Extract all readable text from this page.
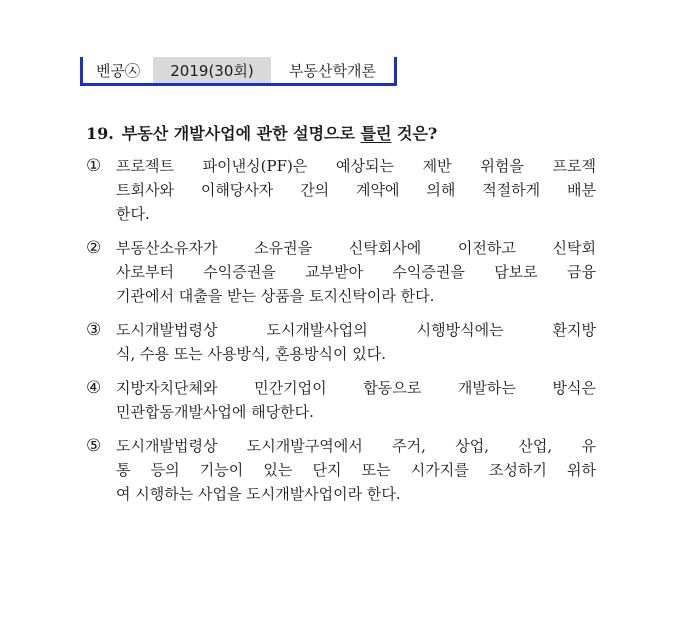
벤공㉦	2019(30회)	부동산학개론
19. 부동산 개발사업에 관한 설명으로 틀린 것은?
① 프로젝트 파이낸싱(PF)은 예상되는 제반 위험을 프로젝
트회사와 이해당사자 간의 계약에 의해 적절하게 배분
한다.
② 부동산소유자가 소유권을 신탁회사에 이전하고 신탁회
사로부터 수익증권을 교부받아 수익증권을 담보로 금융
기관에서 대출을 받는 상품을 토지신탁이라 한다.
③ 도시개발법령상 도시개발사업의 시행방식에는 환지방
식, 수용 또는 사용방식, 혼용방식이 있다.
④ 지방자치단체와 민간기업이 합동으로 개발하는 방식은
민관합동개발사업에 해당한다.
⑤ 도시개발법령상 도시개발구역에서 주거, 상업, 산업, 유
통 등의 기능이 있는 단지 또는 시가지를 조성하기 위하
여 시행하는 사업을 도시개발사업이라 한다.
